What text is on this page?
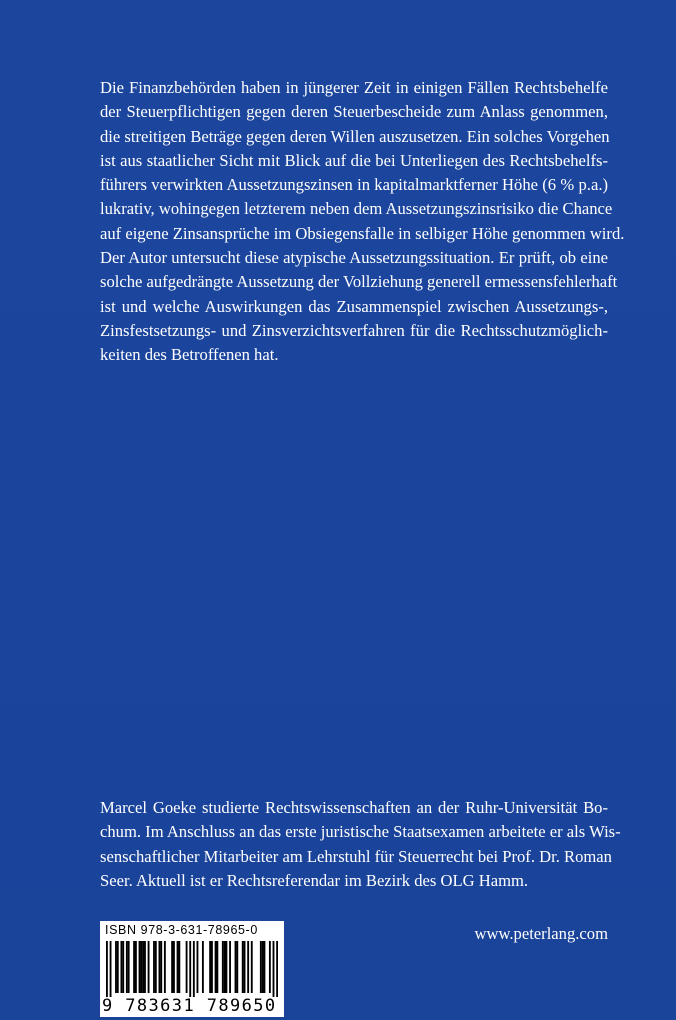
Die Finanzbehörden haben in jüngerer Zeit in einigen Fällen Rechtsbehelfe
der Steuerpflichtigen gegen deren Steuerbescheide zum Anlass genommen,
die streitigen Beträge gegen deren Willen auszusetzen. Ein solches Vorgehen
ist aus staatlicher Sicht mit Blick auf die bei Unterliegen des Rechtsbehelfs-
führers verwirkten Aussetzungszinsen in kapitalmarktferner Höhe (6 % p.a.)
lukrativ, wohingegen letzterem neben dem Aussetzungszinsrisiko die Chance
auf eigene Zinsansprüche im Obsiegensfalle in selbiger Höhe genommen wird.
Der Autor untersucht diese atypische Aussetzungssituation. Er prüft, ob eine
solche aufgedrängte Aussetzung der Vollziehung generell ermessensfehlerhaft
ist und welche Auswirkungen das Zusammenspiel zwischen Aussetzungs-,
Zinsfestsetzungs- und Zinsverzichtsverfahren für die Rechtsschutzmöglich-
keiten des Betroffenen hat.
Marcel Goeke studierte Rechtswissenschaften an der Ruhr-Universität Bo-
chum. Im Anschluss an das erste juristische Staatsexamen arbeitete er als Wis-
senschaftlicher Mitarbeiter am Lehrstuhl für Steuerrecht bei Prof. Dr. Roman
Seer. Aktuell ist er Rechtsreferendar im Bezirk des OLG Hamm.
ISBN 978-3-631-78965-0
9 783631 789650
www.peterlang.com
